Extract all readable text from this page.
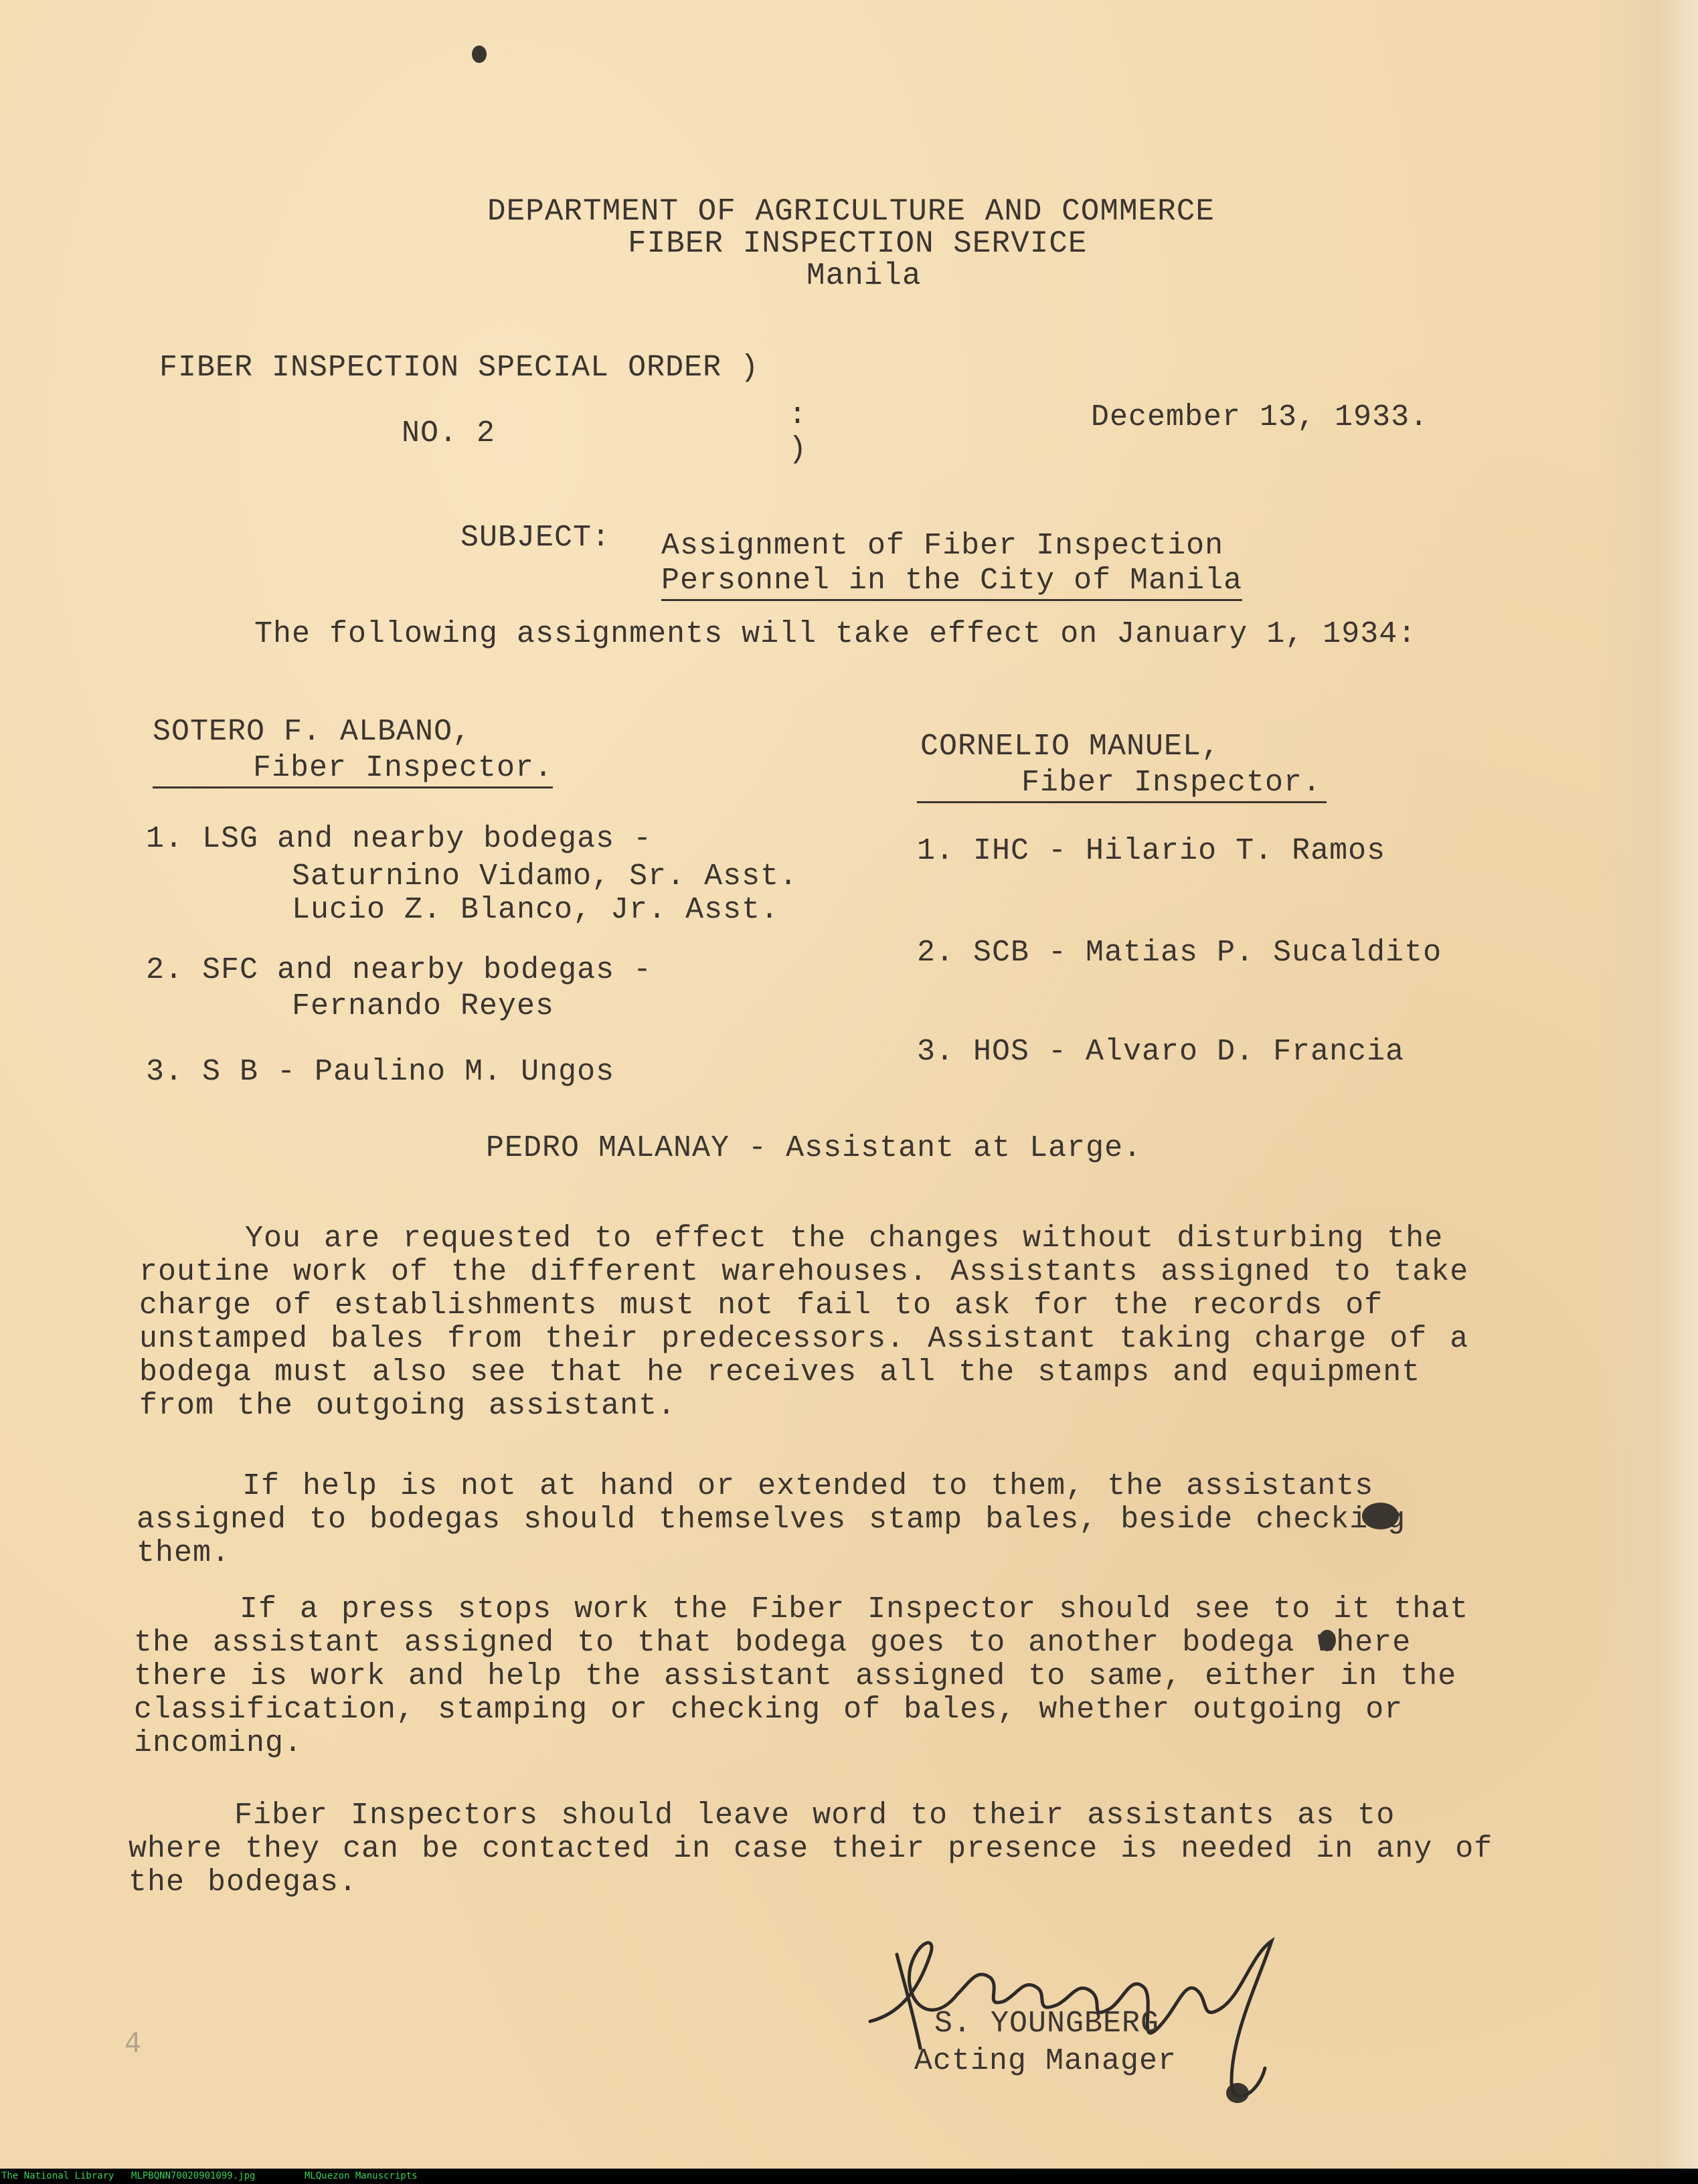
DEPARTMENT OF AGRICULTURE AND COMMERCE
FIBER INSPECTION SERVICE
Manila
FIBER INSPECTION SPECIAL ORDER )
NO. 2
:
)
December 13, 1933.
SUBJECT: Assignment of Fiber Inspection
Personnel in the City of Manila
The following assignments will take effect on January 1, 1934:
SOTERO F. ALBANO,
Fiber Inspector.
1. LSG and nearby bodegas -
Saturnino Vidamo, Sr. Asst.
Lucio Z. Blanco, Jr. Asst.
2. SFC and nearby bodegas -
Fernando Reyes
3. S B - Paulino M. Ungos
CORNELIO MANUEL,
Fiber Inspector.
1. IHC - Hilario T. Ramos
2. SCB - Matias P. Sucaldito
3. HOS - Alvaro D. Francia
PEDRO MALANAY - Assistant at Large.
You are requested to effect the changes without disturbing the routine work of the different warehouses. Assistants assigned to take charge of establishments must not fail to ask for the records of unstamped bales from their predecessors. Assistant taking charge of a bodega must also see that he receives all the stamps and equipment from the outgoing assistant.
If help is not at hand or extended to them, the assistants assigned to bodegas should themselves stamp bales, beside checking them.
If a press stops work the Fiber Inspector should see to it that the assistant assigned to that bodega goes to another bodega where there is work and help the assistant assigned to same, either in the classification, stamping or checking of bales, whether outgoing or incoming.
Fiber Inspectors should leave word to their assistants as to where they can be contacted in case their presence is needed in any of the bodegas.
S. YOUNGBERG
Acting Manager
4
The National Library MLPBQNN70020901099.jpg	MLQuezon Manuscripts
